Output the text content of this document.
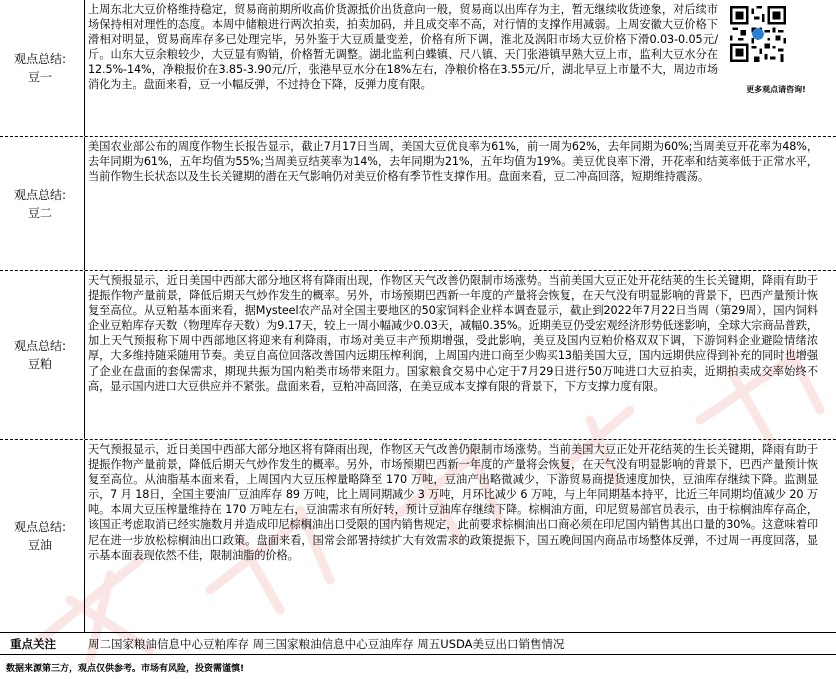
观点总结:
豆一
上周东北大豆价格维持稳定，贸易商前期所收高价货源抵价出货意向一般，贸易商以出库存为主，暂无继续收货迹象，对后续市场保持相对理性的态度。本周中储粮进行两次拍卖，拍卖加码，并且成交率不高，对行情的支撑作用减弱。上周安徽大豆价格下滑相对明显，贸易商库存多已处理完毕，另外鉴于大豆质量变差，价格有所下调，淮北及涡阳市场大豆价格下滑0.03-0.05元/斤。山东大豆余粮较少，大豆显有购销，价格暂无调整。湖北监利白蝶镇、尺八镇、天门张港镇早熟大豆上市，监利大豆水分在12.5%-14%，净粮报价在3.85-3.90元/斤，张港早豆水分在18%左右，净粮价格在3.55元/斤，湖北早豆上市量不大，周边市场消化为主。盘面来看，豆一小幅反弹，不过持仓下降，反弹力度有限。	更多观点请咨询!
观点总结:
豆二
美国农业部公布的周度作物生长报告显示，截止7月17日当周，美国大豆优良率为61%，前一周为62%，去年同期为60%;当周美豆开花率为48%，去年同期为61%，五年均值为55%;当周美豆结荚率为14%，去年同期为21%，五年均值为19%。美豆优良率下滑，开花率和结荚率低于正常水平，当前作物生长状态以及生长关键期的潜在天气影响仍对美豆价格有季节性支撑作用。盘面来看，豆二冲高回落，短期维持震荡。
观点总结:
豆粕
天气预报显示，近日美国中西部大部分地区将有降雨出现，作物区天气改善仍限制市场涨势。当前美国大豆正处开花结荚的生长关键期，降雨有助于提振作物产量前景，降低后期天气炒作发生的概率。另外，市场预期巴西新一年度的产量将会恢复，在天气没有明显影响的背景下，巴西产量预计恢复至高位。从豆粕基本面来看，据Mysteel农产品对全国主要地区的50家饲料企业样本调查显示，截止到2022年7月22日当周（第29周），国内饲料企业豆粕库存天数（物理库存天数）为9.17天，较上一周小幅减少0.03天，减幅0.35%。近期美豆仍受宏观经济形势低迷影响，全球大宗商品普跌，加上天气预报称下周中西部地区将迎来有利降雨，市场对美豆丰产预期增强，受此影响，美豆及国内豆粕价格双双下调，下游饲料企业避险情绪浓厚，大多维持随采随用节奏。美豆自高位回落改善国内远期压榨利润，上周国内进口商至少购买13船美国大豆，国内远期供应得到补充的同时也增强了企业在盘面的套保需求，期现共振为国内粕类市场带来阻力。国家粮食交易中心定于7月29日进行50万吨进口大豆拍卖，近期拍卖成交率始终不高，显示国内进口大豆供应并不紧张。盘面来看，豆粕冲高回落，在美豆成本支撑有限的背景下，下方支撑力度有限。
观点总结:
豆油
天气预报显示，近日美国中西部大部分地区将有降雨出现，作物区天气改善仍限制市场涨势。当前美国大豆正处开花结荚的生长关键期，降雨有助于提振作物产量前景，降低后期天气炒作发生的概率。另外，市场预期巴西新一年度的产量将会恢复，在天气没有明显影响的背景下，巴西产量预计恢复至高位。从油脂基本面来看，上周国内大豆压榨量略降至 170 万吨，豆油产出略微减少，下游贸易商提货速度加快，豆油库存继续下降。监测显示，7 月 18日，全国主要油厂豆油库存 89 万吨，比上周同期减少 3 万吨，月环比减少 6 万吨，与上年同期基本持平，比近三年同期均值减少 20 万吨。本周大豆压榨量维持在 170 万吨左右，豆油需求有所好转，预计豆油库存继续下降。棕榈油方面，印尼贸易部官员表示，由于棕榈油库存高企，该国正考虑取消已经实施数月并造成印尼棕榈油出口受限的国内销售规定，此前要求棕榈油出口商必须在印尼国内销售其出口量的30%。这意味着印尼在进一步放松棕榈油出口政策。盘面来看，国常会部署持续扩大有效需求的政策提振下，国五晚间国内商品市场整体反弹，不过周一再度回落，显示基本面表现依然不佳，限制油脂的价格。
重点关注	周二国家粮油信息中心豆粕库存 周三国家粮油信息中心豆油库存 周五USDA美豆出口销售情况
数据来源第三方，观点仅供参考。市场有风险，投资需谨慎!
